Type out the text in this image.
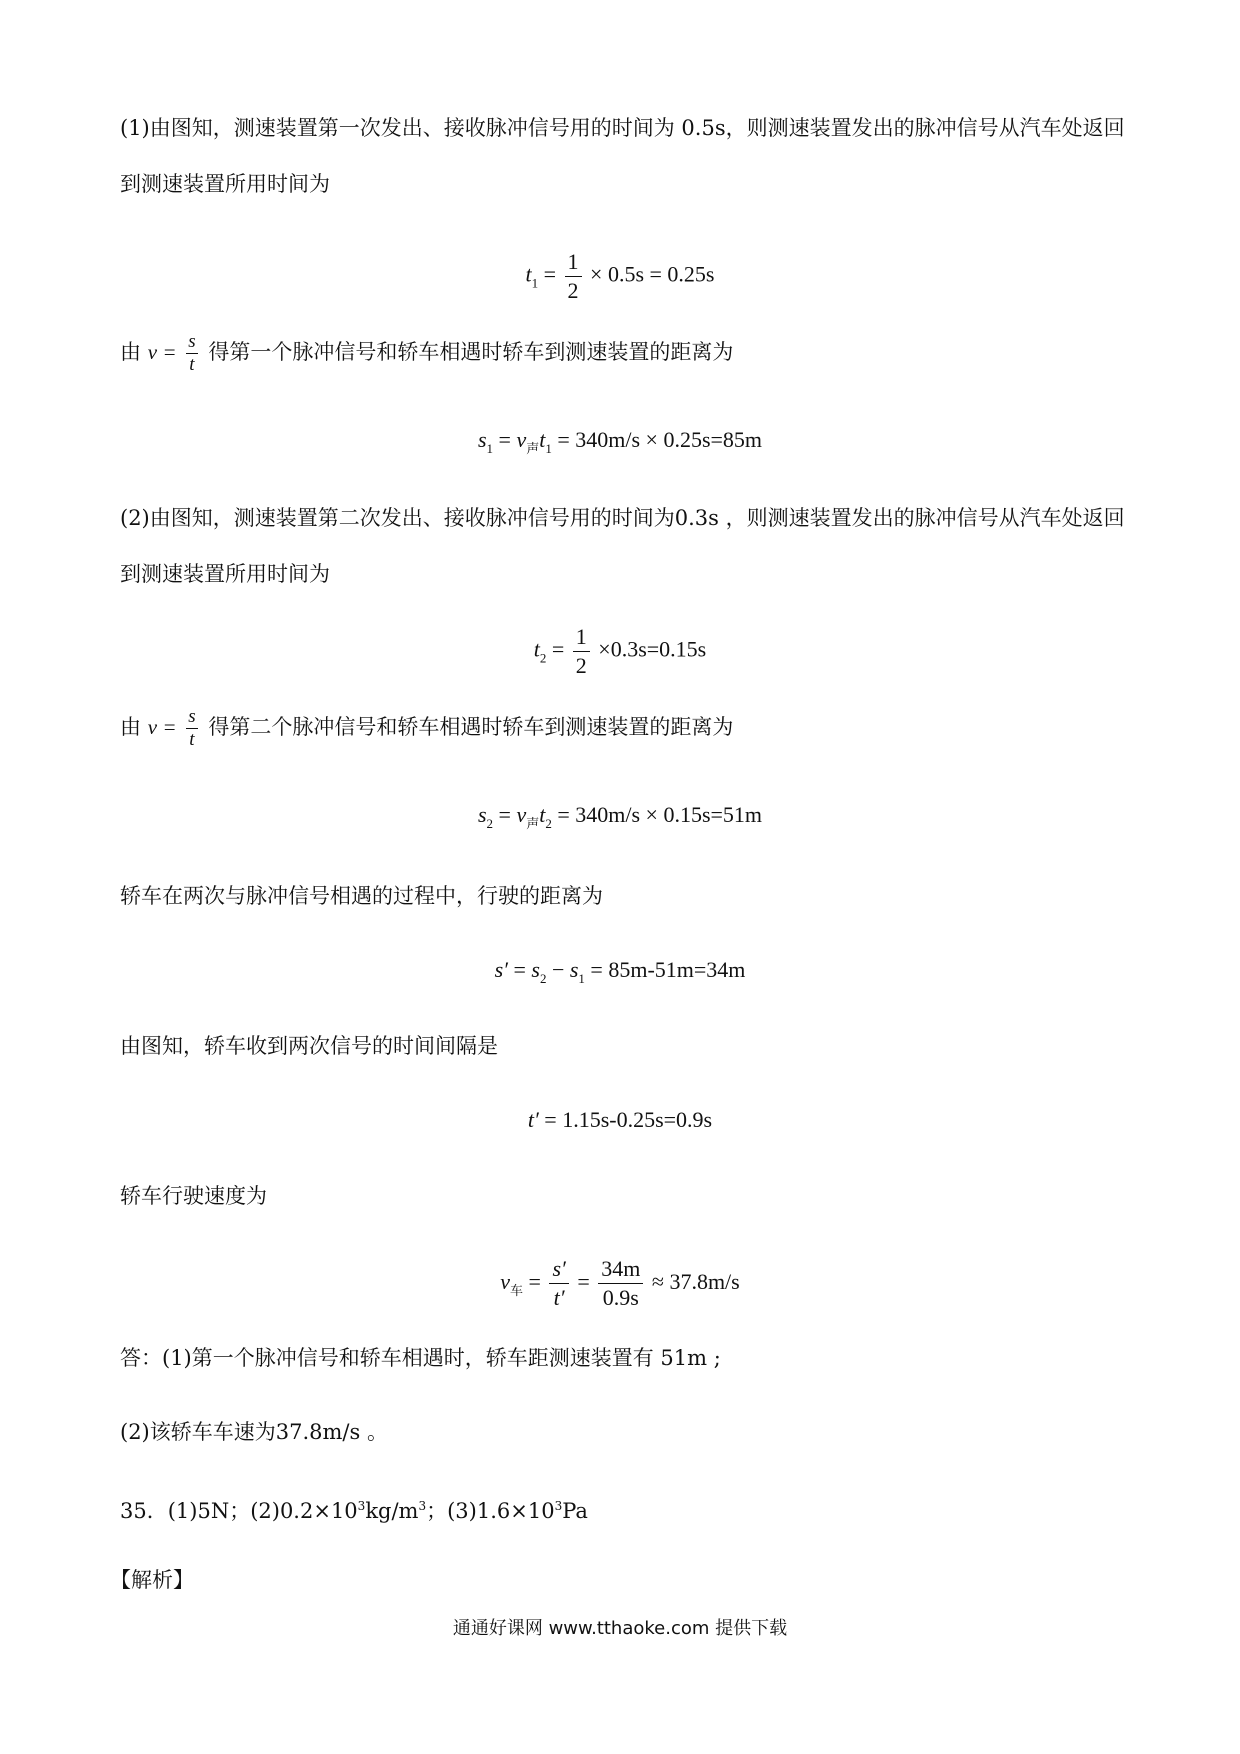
(1)由图知，测速装置第一次发出、接收脉冲信号用的时间为 0.5s，则测速装置发出的脉冲信号从汽车处返回到测速装置所用时间为

$t_1 = \frac{1}{2} \times 0.5s = 0.25s$
由 $v = \frac{s}{t}$ 得第一个脉冲信号和轿车相遇时轿车到测速装置的距离为
$s_1 = v_声t_1 = 340m/s \times 0.25s=85m$

(2)由图知，测速装置第二次发出、接收脉冲信号用的时间为0.3s ，则测速装置发出的脉冲信号从汽车处返回到测速装置所用时间为

$t_2 = \frac{1}{2} \times 0.3s=0.15s$
由 $v = \frac{s}{t}$ 得第二个脉冲信号和轿车相遇时轿车到测速装置的距离为
$s_2 = v_声t_2 = 340m/s \times 0.15s=51m$

轿车在两次与脉冲信号相遇的过程中，行驶的距离为

$s' = s_2 - s_1 = 85m-51m=34m$

由图知，轿车收到两次信号的时间间隔是

t′ = 1.15s-0.25s=0.9s

轿车行驶速度为

$v_车 = \frac{s'}{t'} = \frac{34m}{0.9s} \approx 37.8m/s$

答：(1)第一个脉冲信号和轿车相遇时，轿车距测速装置有 51m ;

(2)该轿车车速为37.8m/s 。

35．(1)5N；$(2)0.2\times 10^3kg/m^3$；$(3)1.6\times 10^3Pa$

【解析】

通通好课网 www.tthaoke.com 提供下载
